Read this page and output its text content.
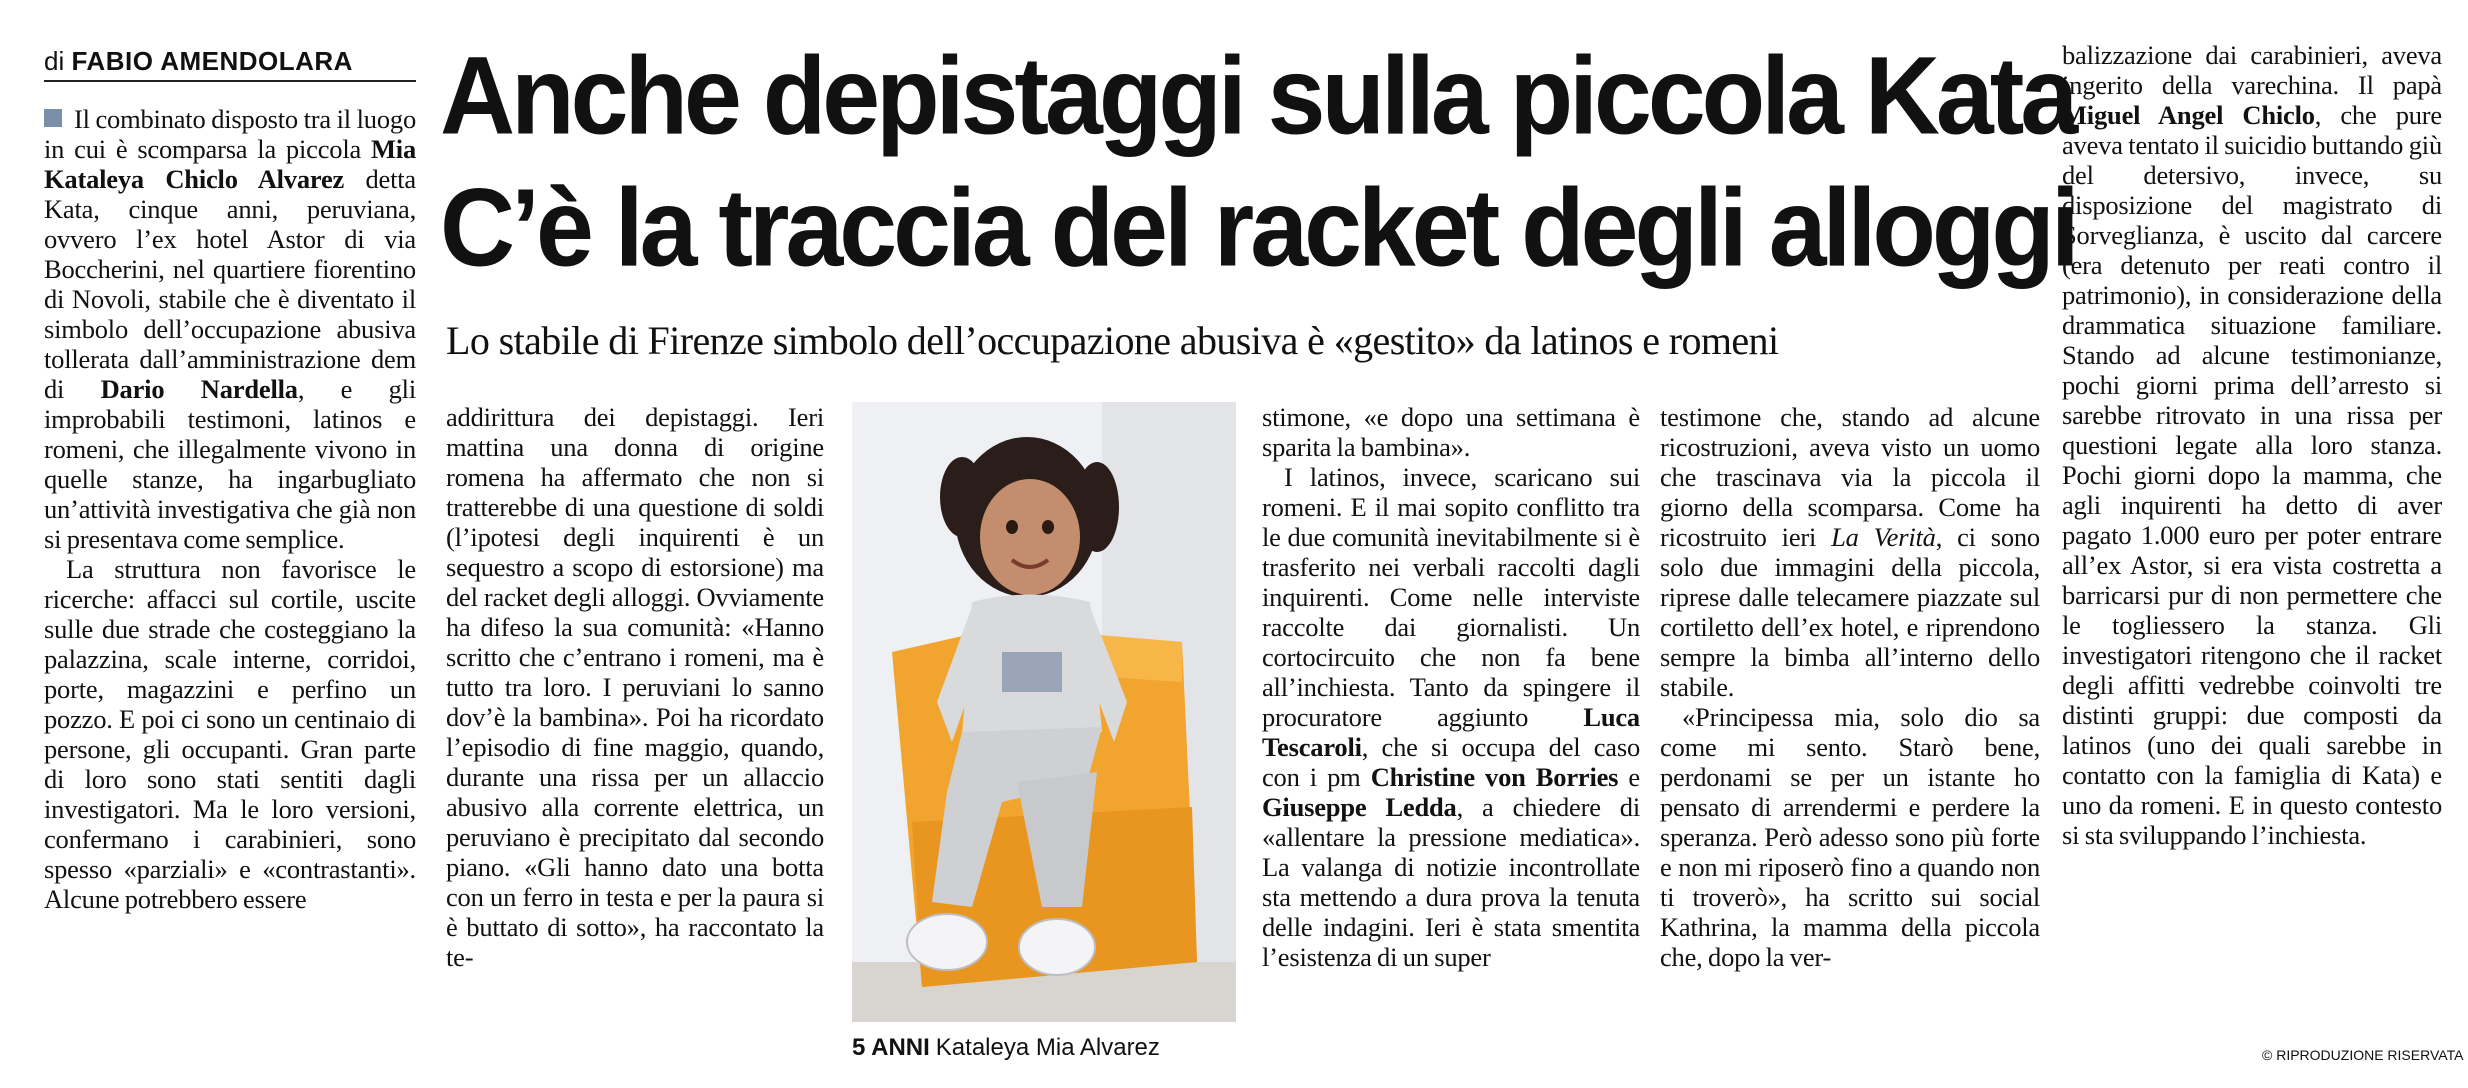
di FABIO AMENDOLARA Anche depistaggi sulla piccola Kata
C’è la traccia del racket degli alloggi
Lo stabile di Firenze simbolo dell’occupazione abusiva è «gestito» da latinos e romeni

Il combinato disposto tra il luogo in cui è scomparsa la piccola Mia Kataleya Chiclo Alvarez detta Kata, cinque anni, peruviana, ovvero l’ex hotel Astor di via Boccherini, nel quartiere fiorentino di Novoli, stabile che è diventato il simbolo dell’occupazione abusiva tollerata dall’amministrazione dem di Dario Nardella, e gli improbabili testimoni, latinos e romeni, che illegalmente vivono in quelle stanze, ha ingarbugliato un’attività investigativa che già non si presentava come semplice.

La struttura non favorisce le ricerche: affacci sul cortile, uscite sulle due strade che costeggiano la palazzina, scale interne, corridoi, porte, magazzini e perfino un pozzo. E poi ci sono un centinaio di persone, gli occupanti. Gran parte di loro sono stati sentiti dagli investigatori. Ma le loro versioni, confermano i carabinieri, sono spesso «parziali» e «contrastanti». Alcune potrebbero essere

addirittura dei depistaggi. Ieri mattina una donna di origine romena ha affermato che non si tratterebbe di una questione di soldi (l’ipotesi degli inquirenti è un sequestro a scopo di estorsione) ma del racket degli alloggi. Ovviamente ha difeso la sua comunità: «Hanno scritto che c’entrano i romeni, ma è tutto tra loro. I peruviani lo sanno dov’è la bambina». Poi ha ricordato l’episodio di fine maggio, quando, durante una rissa per un allaccio abusivo alla corrente elettrica, un peruviano è precipitato dal secondo piano. «Gli hanno dato una botta con un ferro in testa e per la paura si è buttato di sotto», ha raccontato la te-

5 ANNI Kataleya Mia Alvarez

stimone, «e dopo una settimana è sparita la bambina».

I latinos, invece, scaricano sui romeni. E il mai sopito conflitto tra le due comunità inevitabilmente si è trasferito nei verbali raccolti dagli inquirenti. Come nelle interviste raccolte dai giornalisti. Un cortocircuito che non fa bene all’inchiesta. Tanto da spingere il procuratore aggiunto Luca Tescaroli, che si occupa del caso con i pm Christine von Borries e Giuseppe Ledda, a chiedere di «allentare la pressione mediatica». La valanga di notizie incontrollate sta mettendo a dura prova la tenuta delle indagini. Ieri è stata smentita l’esistenza di un super

testimone che, stando ad alcune ricostruzioni, aveva visto un uomo che trascinava via la piccola il giorno della scomparsa. Come ha ricostruito ieri La Verità, ci sono solo due immagini della piccola, riprese dalle telecamere piazzate sul cortiletto dell’ex hotel, e riprendono sempre la bimba all’interno dello stabile.

«Principessa mia, solo dio sa come mi sento. Starò bene, perdonami se per un istante ho pensato di arrendermi e perdere la speranza. Però adesso sono più forte e non mi riposerò fino a quando non ti troverò», ha scritto sui social Kathrina, la mamma della piccola che, dopo la ver-

balizzazione dai carabinieri, aveva ingerito della varechina. Il papà Miguel Angel Chiclo, che pure aveva tentato il suicidio buttando giù del detersivo, invece, su disposizione del magistrato di Sorveglianza, è uscito dal carcere (era detenuto per reati contro il patrimonio), in considerazione della drammatica situazione familiare. Stando ad alcune testimonianze, pochi giorni prima dell’arresto si sarebbe ritrovato in una rissa per questioni legate alla loro stanza. Pochi giorni dopo la mamma, che agli inquirenti ha detto di aver pagato 1.000 euro per poter entrare all’ex Astor, si era vista costretta a barricarsi pur di non permettere che le togliessero la stanza. Gli investigatori ritengono che il racket degli affitti vedrebbe coinvolti tre distinti gruppi: due composti da latinos (uno dei quali sarebbe in contatto con la famiglia di Kata) e uno da romeni. E in questo contesto si sta sviluppando l’inchiesta.

© RIPRODUZIONE RISERVATA
